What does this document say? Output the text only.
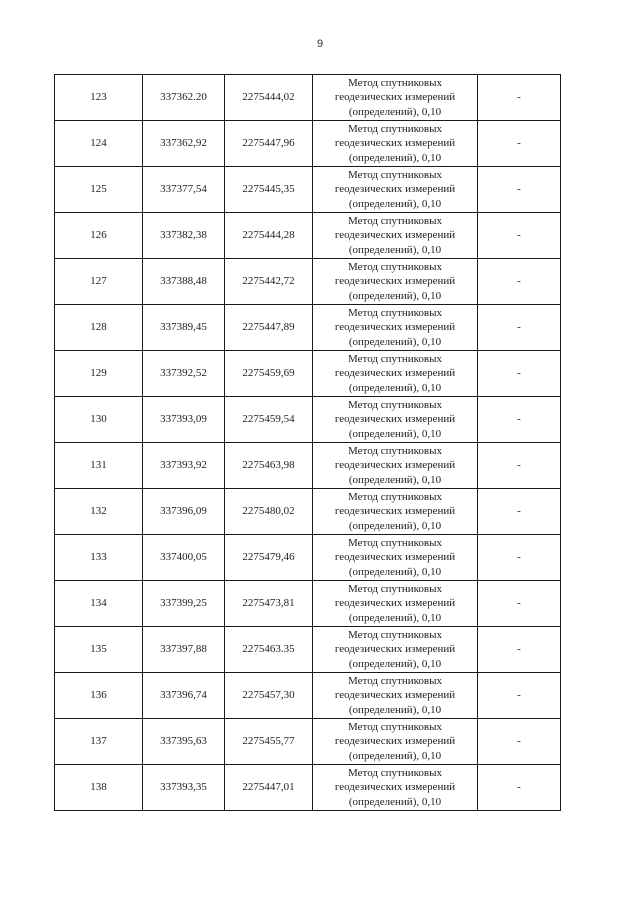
9
123	337362.20	2275444,02	Метод спутниковых
геодезических измерений
(определений), 0,10	-
124	337362,92	2275447,96	Метод спутниковых
геодезических измерений
(определений), 0,10	-
125	337377,54	2275445,35	Метод спутниковых
геодезических измерений
(определений), 0,10	-
126	337382,38	2275444,28	Метод спутниковых
геодезических измерений
(определений), 0,10	-
127	337388,48	2275442,72	Метод спутниковых
геодезических измерений
(определений), 0,10	-
128	337389,45	2275447,89	Метод спутниковых
геодезических измерений
(определений), 0,10	-
129	337392,52	2275459,69	Метод спутниковых
геодезических измерений
(определений), 0,10	-
130	337393,09	2275459,54	Метод спутниковых
геодезических измерений
(определений), 0,10	-
131	337393,92	2275463,98	Метод спутниковых
геодезических измерений
(определений), 0,10	-
132	337396,09	2275480,02	Метод спутниковых
геодезических измерений
(определений), 0,10	-
133	337400,05	2275479,46	Метод спутниковых
геодезических измерений
(определений), 0,10	-
134	337399,25	2275473,81	Метод спутниковых
геодезических измерений
(определений), 0,10	-
135	337397,88	2275463.35	Метод спутниковых
геодезических измерений
(определений), 0,10	-
136	337396,74	2275457,30	Метод спутниковых
геодезических измерений
(определений), 0,10	-
137	337395,63	2275455,77	Метод спутниковых
геодезических измерений
(определений), 0,10	-
138	337393,35	2275447,01	Метод спутниковых
геодезических измерений
(определений), 0,10	-
